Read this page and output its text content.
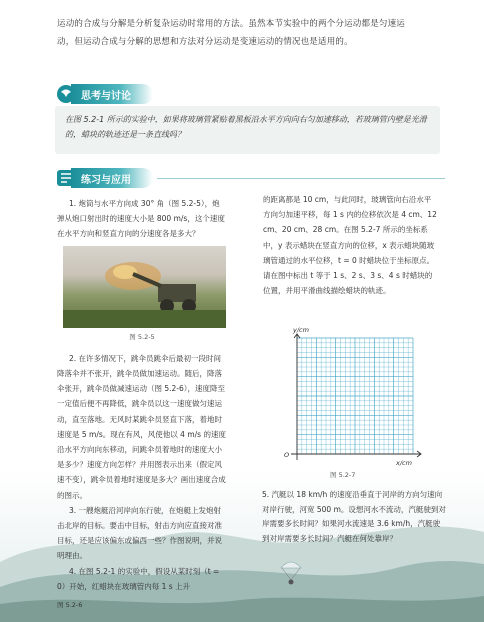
运动的合成与分解是分析复杂运动时常用的方法。虽然本节实验中的两个分运动都是匀速运动，但运动合成与分解的思想和方法对分运动是变速运动的情况也是适用的。
思考与讨论
在图 5.2-1 所示的实验中，如果将玻璃管紧贴着黑板沿水平方向向右匀加速移动，若玻璃管内壁是光滑的，蜡块的轨迹还是一条直线吗？
练习与应用

1. 炮筒与水平方向成 30° 角（图 5.2-5），炮弹从炮口射出时的速度大小是 800 m/s，这个速度在水平方向和竖直方向的分速度各是多大？

图 5.2-5

2. 在许多情况下，跳伞员跳伞后最初一段时间降落伞并不张开，跳伞员做加速运动。随后，降落伞张开，跳伞员做减速运动（图 5.2-6），速度降至一定值后便不再降低，跳伞员以这一速度做匀速运动，直至落地。无风时某跳伞员竖直下落，着地时速度是 5 m/s。现在有风，风使他以 4 m/s 的速度沿水平方向向东移动，问跳伞员着地时的速度大小是多少？速度方向怎样？并用图表示出来（假定风速不变），跳伞员着地时速度是多大？画出速度合成的图示。

3. 一艘炮艇沿河岸向东行驶，在炮艇上发炮射击北岸的目标。要击中目标，射击方向应直接对准目标，还是应该偏东或偏西一些？作图说明，并说明理由。

4. 在图 5.2-1 的实验中，假设从某时刻（t = 0）开始，红蜡块在玻璃管内每 1 s 上升

的距离都是 10 cm，与此同时，玻璃管向右沿水平方向匀加速平移，每 1 s 内的位移依次是 4 cm、12 cm、20 cm、28 cm。在图 5.2-7 所示的坐标系中，y 表示蜡块在竖直方向的位移，x 表示蜡块随玻璃管通过的水平位移，t = 0 时蜡块位于坐标原点。请在图中标出 t 等于 1 s、2 s、3 s、4 s 时蜡块的位置，并用平滑曲线描绘蜡块的轨迹。

y/cm
x/cm
O
图 5.2-7
5. 汽艇以 18 km/h 的速度沿垂直于河岸的方向匀速向对岸行驶，河宽 500 m。设想河水不流动，汽艇驶到对岸需要多长时间？如果河水流速是 3.6 km/h，汽艇驶到对岸需要多长时间？汽艇在何处靠岸？
图 5.2-6
